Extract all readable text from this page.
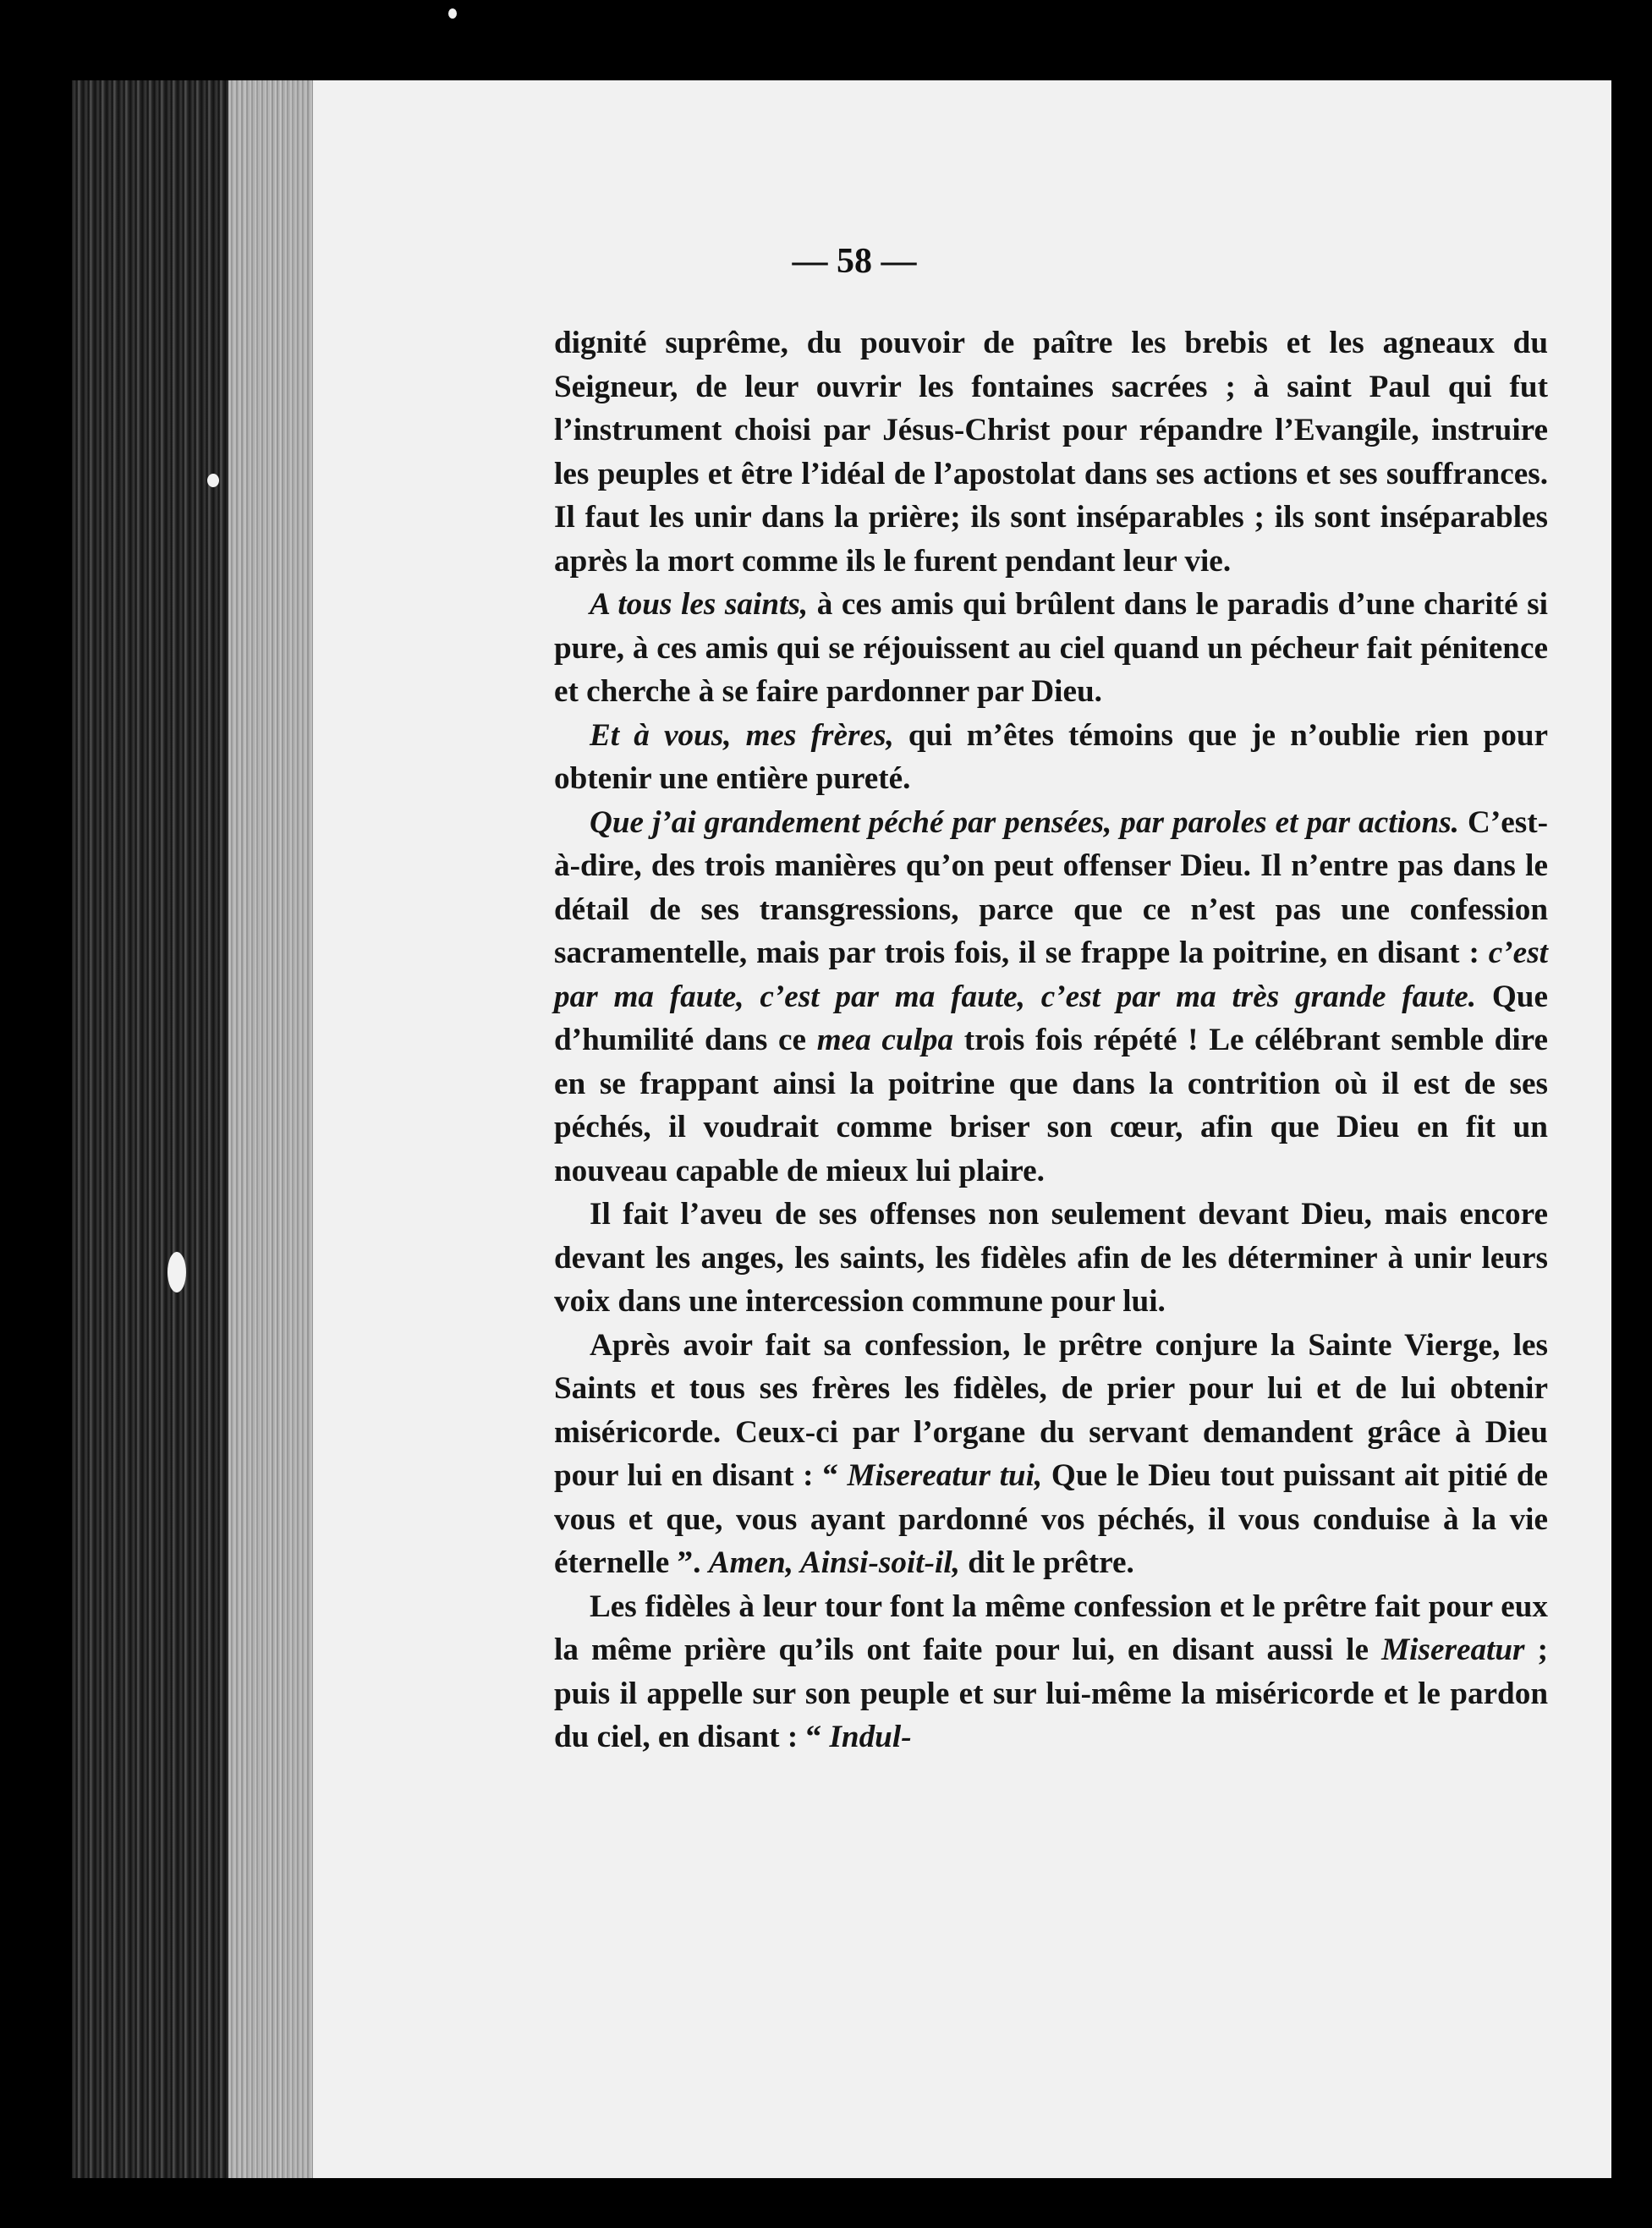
— 58 —

dignité suprême, du pouvoir de paître les brebis et les agneaux du Seigneur, de leur ouvrir les fontaines sacrées ; à saint Paul qui fut l’instrument choisi par Jésus-Christ pour répandre l’Evangile, instruire les peuples et être l’idéal de l’apostolat dans ses actions et ses souffrances. Il faut les unir dans la prière; ils sont inséparables ; ils sont inséparables après la mort comme ils le furent pendant leur vie.

A tous les saints, à ces amis qui brûlent dans le paradis d’une charité si pure, à ces amis qui se réjouissent au ciel quand un pécheur fait pénitence et cherche à se faire pardonner par Dieu.

Et à vous, mes frères, qui m’êtes témoins que je n’oublie rien pour obtenir une entière pureté.

Que j’ai grandement péché par pensées, par paroles et par actions. C’est-à-dire, des trois manières qu’on peut offenser Dieu. Il n’entre pas dans le détail de ses transgressions, parce que ce n’est pas une confession sacramentelle, mais par trois fois, il se frappe la poitrine, en disant : c’est par ma faute, c’est par ma faute, c’est par ma très grande faute. Que d’humilité dans ce mea culpa trois fois répété ! Le célébrant semble dire en se frappant ainsi la poitrine que dans la contrition où il est de ses péchés, il voudrait comme briser son cœur, afin que Dieu en fit un nouveau capable de mieux lui plaire.

Il fait l’aveu de ses offenses non seulement devant Dieu, mais encore devant les anges, les saints, les fidèles afin de les déterminer à unir leurs voix dans une intercession commune pour lui.

Après avoir fait sa confession, le prêtre conjure la Sainte Vierge, les Saints et tous ses frères les fidèles, de prier pour lui et de lui obtenir miséricorde. Ceux-ci par l’organe du servant demandent grâce à Dieu pour lui en disant : “ Misereatur tui, Que le Dieu tout puissant ait pitié de vous et que, vous ayant pardonné vos péchés, il vous conduise à la vie éternelle ”. Amen, Ainsi-soit-il, dit le prêtre.

Les fidèles à leur tour font la même confession et le prêtre fait pour eux la même prière qu’ils ont faite pour lui, en disant aussi le Misereatur ; puis il appelle sur son peuple et sur lui-même la miséricorde et le pardon du ciel, en disant : “ Indul-
